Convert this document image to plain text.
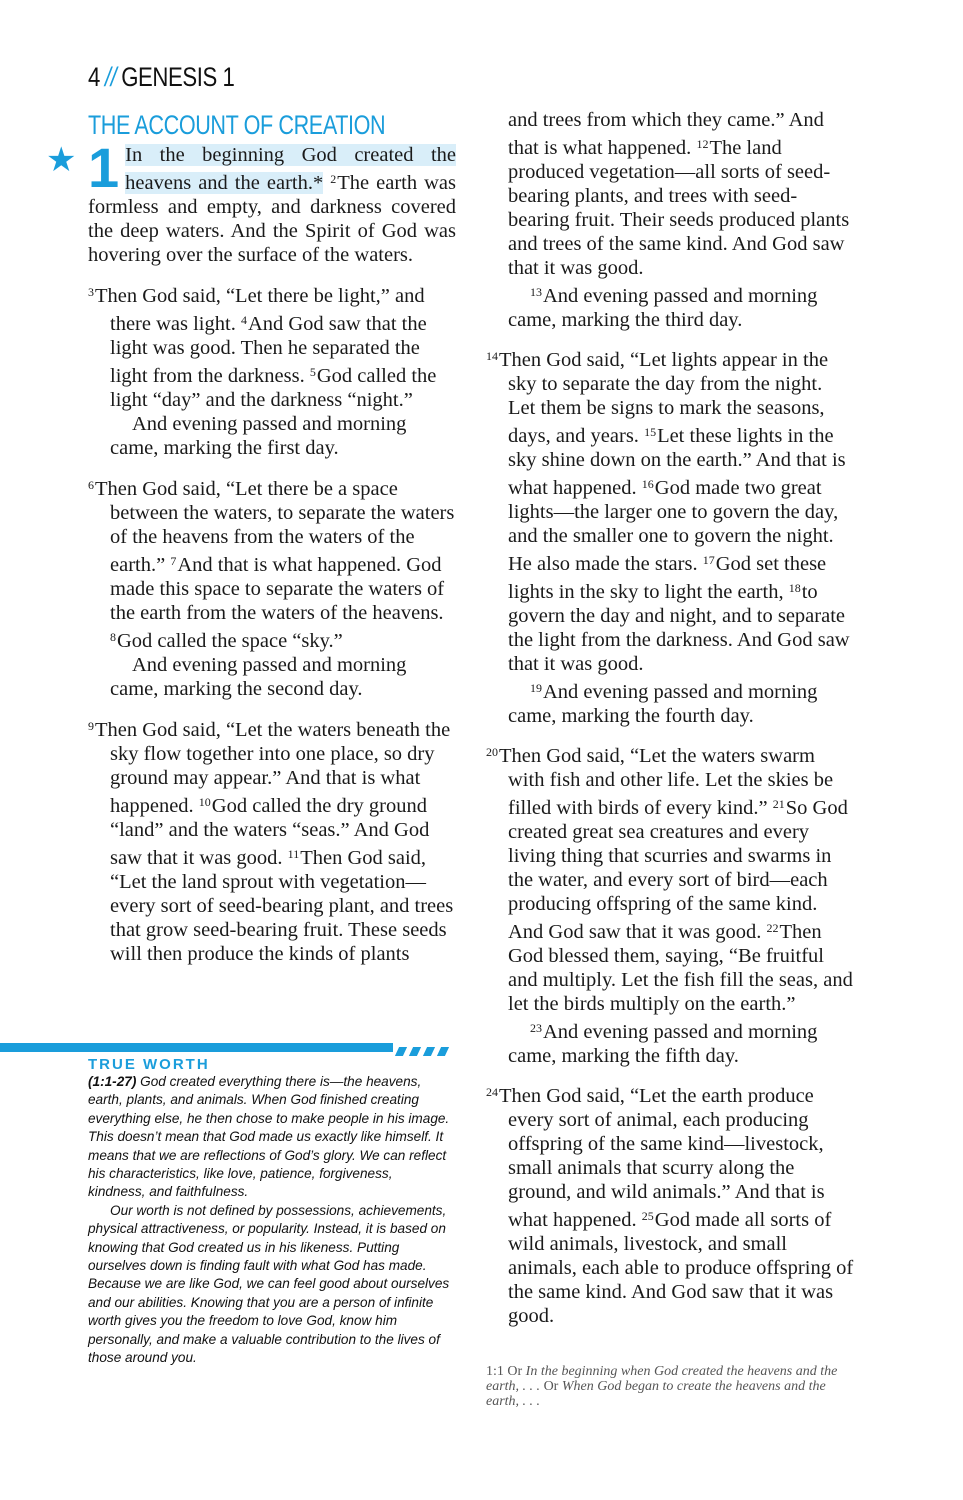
4 // GENESIS 1
THE ACCOUNT OF CREATION
★ 1 In the beginning God created the heavens and the earth.* $^2$The earth was formless and empty, and darkness covered the deep waters. And the Spirit of God was hovering over the surface of the waters.

$^3$Then God said, “Let there be light,” and there was light. $^4$And God saw that the light was good. Then he separated the light from the darkness. $^5$God called the light “day” and the darkness “night.”

And evening passed and morning came, marking the first day.

$^6$Then God said, “Let there be a space between the waters, to separate the waters of the heavens from the waters of the earth.” $^7$And that is what happened. God made this space to separate the waters of the earth from the waters of the heavens. $^8$God called the space “sky.”

And evening passed and morning came, marking the second day.

$^9$Then God said, “Let the waters beneath the sky flow together into one place, so dry ground may appear.” And that is what happened. $^{10}$God called the dry ground “land” and the waters “seas.” And God saw that it was good. $^{11}$Then God said, “Let the land sprout with vegetation—every sort of seed-bearing plant, and trees that grow seed-bearing fruit. These seeds will then produce the kinds of plants

TRUE WORTH

(1:1-27) God created everything there is—the heavens, earth, plants, and animals. When God finished creating everything else, he then chose to make people in his image. This doesn’t mean that God made us exactly like himself. It means that we are reflections of God’s glory. We can reflect his characteristics, like love, patience, forgiveness, kindness, and faithfulness.

Our worth is not defined by possessions, achievements, physical attractiveness, or popularity. Instead, it is based on knowing that God created us in his likeness. Putting ourselves down is finding fault with what God has made. Because we are like God, we can feel good about ourselves and our abilities. Knowing that you are a person of infinite worth gives you the freedom to love God, know him personally, and make a valuable contribution to the lives of those around you.

and trees from which they came.” And that is what happened. $^{12}$The land produced vegetation—all sorts of seed-bearing plants, and trees with seed-bearing fruit. Their seeds produced plants and trees of the same kind. And God saw that it was good.

$^{13}$And evening passed and morning came, marking the third day.

$^{14}$Then God said, “Let lights appear in the sky to separate the day from the night. Let them be signs to mark the seasons, days, and years. $^{15}$Let these lights in the sky shine down on the earth.” And that is what happened. $^{16}$God made two great lights—the larger one to govern the day, and the smaller one to govern the night. He also made the stars. $^{17}$God set these lights in the sky to light the earth, $^{18}$to govern the day and night, and to separate the light from the darkness. And God saw that it was good.

$^{19}$And evening passed and morning came, marking the fourth day.

$^{20}$Then God said, “Let the waters swarm with fish and other life. Let the skies be filled with birds of every kind.” $^{21}$So God created great sea creatures and every living thing that scurries and swarms in the water, and every sort of bird—each producing offspring of the same kind. And God saw that it was good. $^{22}$Then God blessed them, saying, “Be fruitful and multiply. Let the fish fill the seas, and let the birds multiply on the earth.”

$^{23}$And evening passed and morning came, marking the fifth day.

$^{24}$Then God said, “Let the earth produce every sort of animal, each producing offspring of the same kind—livestock, small animals that scurry along the ground, and wild animals.” And that is what happened. $^{25}$God made all sorts of wild animals, livestock, and small animals, each able to produce offspring of the same kind. And God saw that it was good.

1:1 Or In the beginning when God created the heavens and the earth, . . . Or When God began to create the heavens and the earth, . . .
